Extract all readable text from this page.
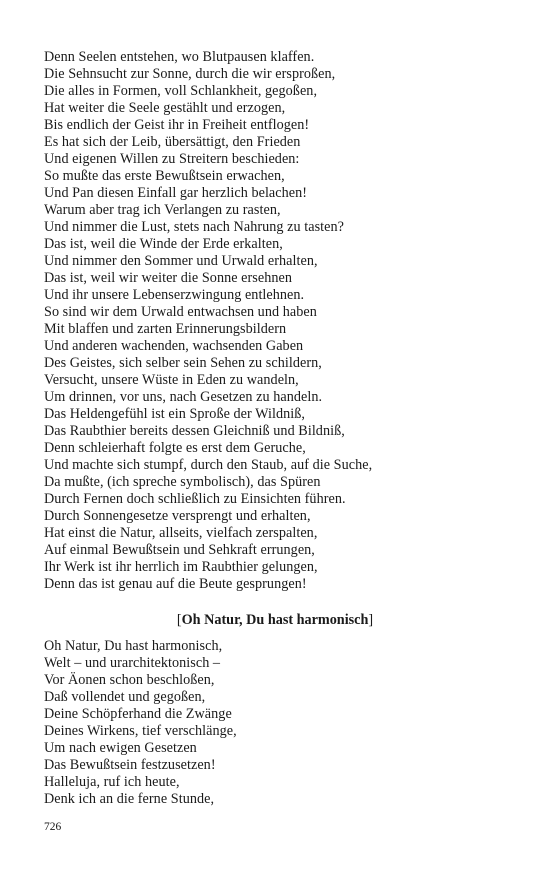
Denn Seelen entstehen, wo Blutpausen klaffen.
Die Sehnsucht zur Sonne, durch die wir ersproßen,
Die alles in Formen, voll Schlankheit, gegoßen,
Hat weiter die Seele gestählt und erzogen,
Bis endlich der Geist ihr in Freiheit entflogen!
Es hat sich der Leib, übersättigt, den Frieden
Und eigenen Willen zu Streitern beschieden:
So mußte das erste Bewußtsein erwachen,
Und Pan diesen Einfall gar herzlich belachen!
Warum aber trag ich Verlangen zu rasten,
Und nimmer die Lust, stets nach Nahrung zu tasten?
Das ist, weil die Winde der Erde erkalten,
Und nimmer den Sommer und Urwald erhalten,
Das ist, weil wir weiter die Sonne ersehnen
Und ihr unsere Lebenserzwingung entlehnen.
So sind wir dem Urwald entwachsen und haben
Mit blaffen und zarten Erinnerungsbildern
Und anderen wachenden, wachsenden Gaben
Des Geistes, sich selber sein Sehen zu schildern,
Versucht, unsere Wüste in Eden zu wandeln,
Um drinnen, vor uns, nach Gesetzen zu handeln.
Das Heldengefühl ist ein Sproße der Wildniß,
Das Raubthier bereits dessen Gleichniß und Bildniß,
Denn schleierhaft folgte es erst dem Geruche,
Und machte sich stumpf, durch den Staub, auf die Suche,
Da mußte, (ich spreche symbolisch), das Spüren
Durch Fernen doch schließlich zu Einsichten führen.
Durch Sonnengesetze versprengt und erhalten,
Hat einst die Natur, allseits, vielfach zerspalten,
Auf einmal Bewußtsein und Sehkraft errungen,
Ihr Werk ist ihr herrlich im Raubthier gelungen,
Denn das ist genau auf die Beute gesprungen!
[Oh Natur, Du hast harmonisch]
Oh Natur, Du hast harmonisch,
Welt – und urarchitektonisch –
Vor Äonen schon beschloßen,
Daß vollendet und gegoßen,
Deine Schöpferhand die Zwänge
Deines Wirkens, tief verschlänge,
Um nach ewigen Gesetzen
Das Bewußtsein festzusetzen!
Halleluja, ruf ich heute,
Denk ich an die ferne Stunde,
726
